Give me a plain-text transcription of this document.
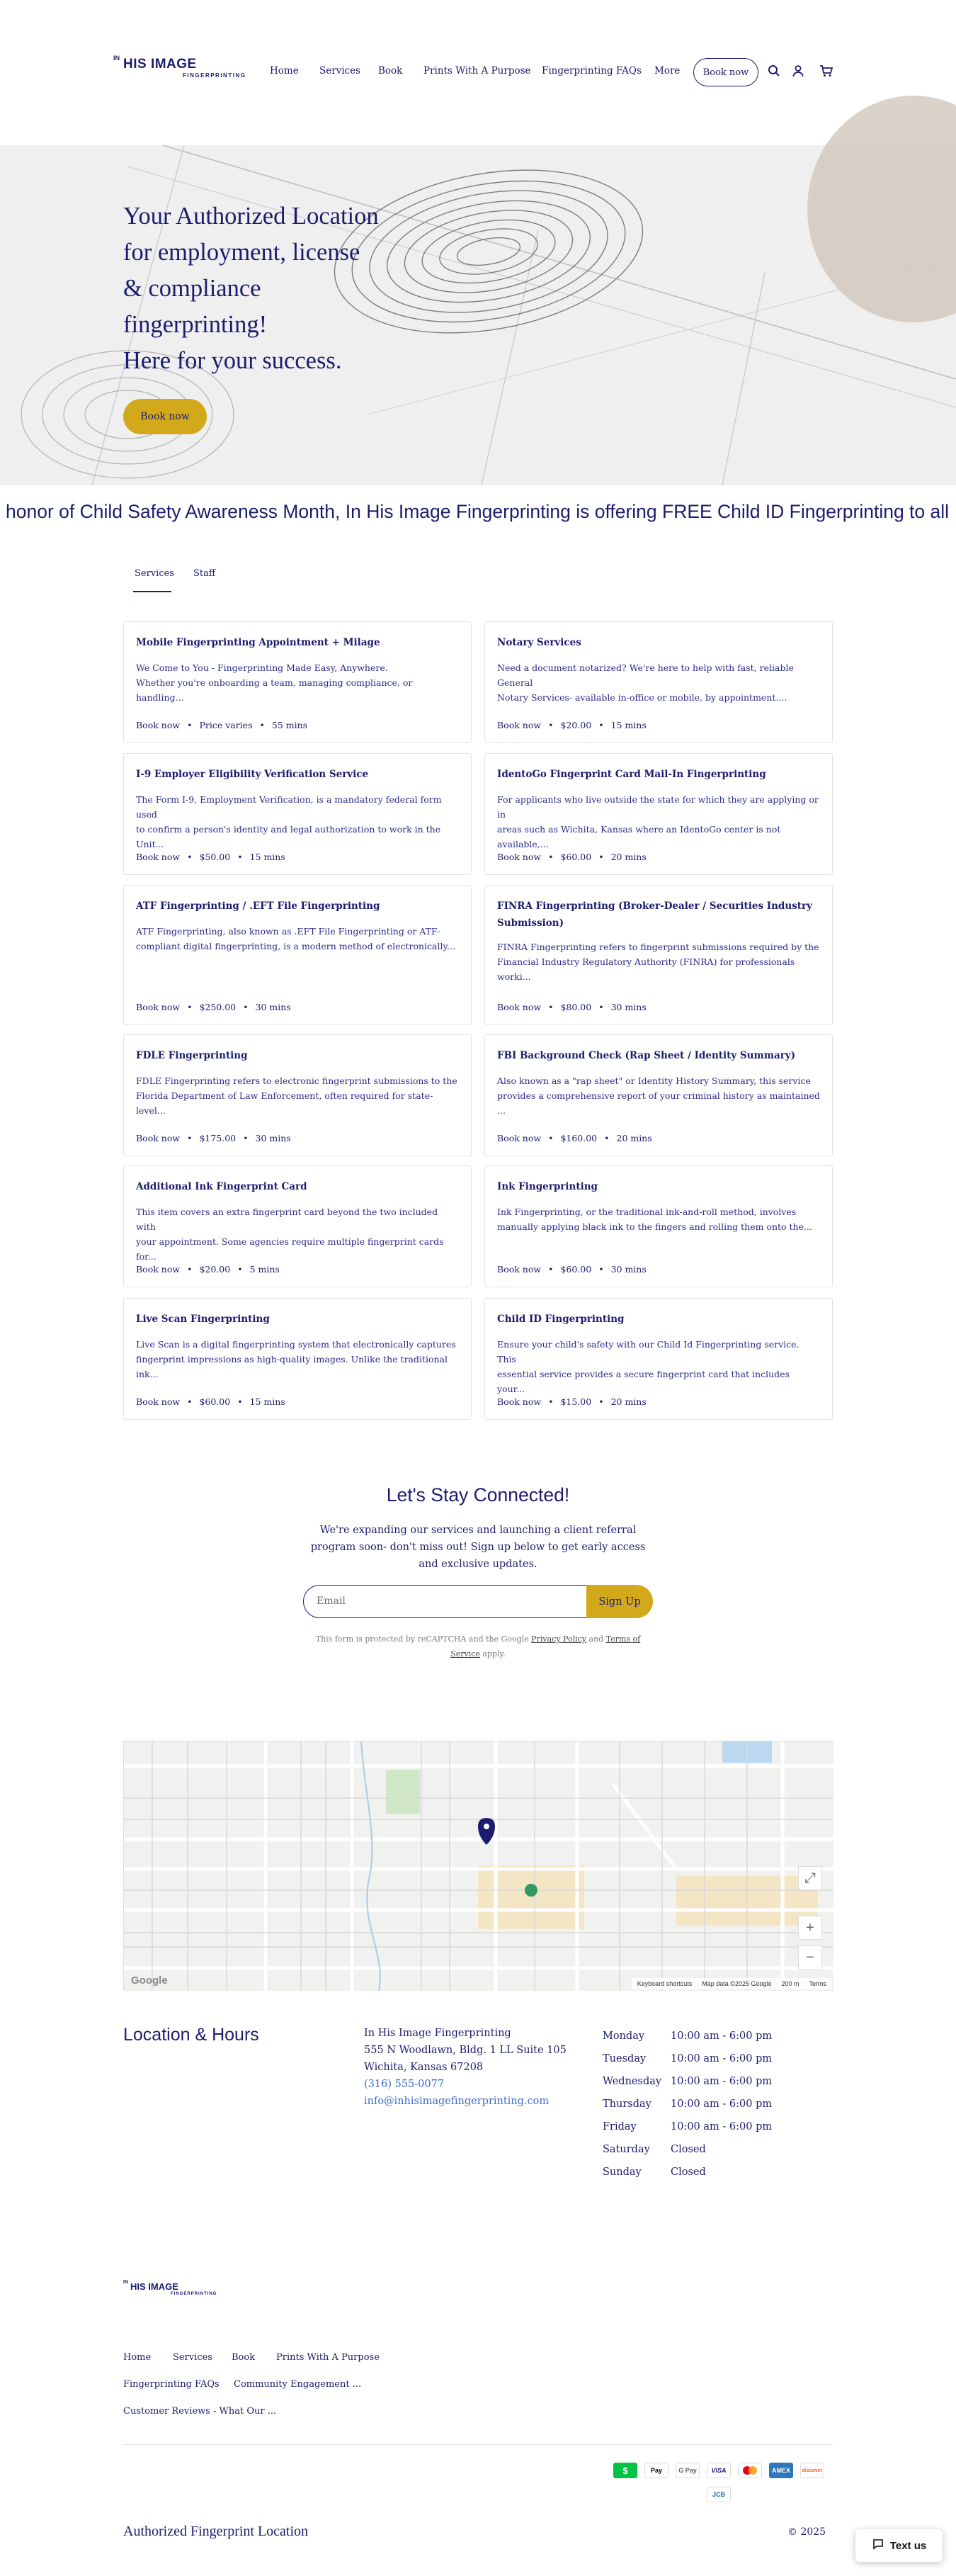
IN HIS IMAGE
FINGERPRINTING Home Services Book Prints With A Purpose Fingerprinting FAQs More	Book now
Your Authorized Location
for employment, license
& compliance
fingerprinting!
Here for your success.
Book now
honor of Child Safety Awareness Month, In His Image Fingerprinting is offering FREE Child ID Fingerprinting to all
Services Staff
Mobile Fingerprinting Appointment + Milage
We Come to You - Fingerprinting Made Easy, Anywhere.
Whether you're onboarding a team, managing compliance, or handling...
Book now • Price varies • 55 mins
Notary Services
Need a document notarized? We're here to help with fast, reliable General
Notary Services- available in-office or mobile, by appointment....
Book now • $20.00 • 15 mins
I-9 Employer Eligibility Verification Service
The Form I-9, Employment Verification, is a mandatory federal form used
to confirm a person's identity and legal authorization to work in the Unit...
Book now • $50.00 • 15 mins
IdentoGo Fingerprint Card Mail-In Fingerprinting
For applicants who live outside the state for which they are applying or in
areas such as Wichita, Kansas where an IdentoGo center is not available,...
Book now • $60.00 • 20 mins
ATF Fingerprinting / .EFT File Fingerprinting
ATF Fingerprinting, also known as .EFT File Fingerprinting or ATF-
compliant digital fingerprinting, is a modern method of electronically...
Book now • $250.00 • 30 mins
FINRA Fingerprinting (Broker-Dealer / Securities Industry
Submission)
FINRA Fingerprinting refers to fingerprint submissions required by the
Financial Industry Regulatory Authority (FINRA) for professionals worki...
Book now • $80.00 • 30 mins
FDLE Fingerprinting
FDLE Fingerprinting refers to electronic fingerprint submissions to the
Florida Department of Law Enforcement, often required for state-level...
Book now • $175.00 • 30 mins
FBI Background Check (Rap Sheet / Identity Summary)
Also known as a "rap sheet" or Identity History Summary, this service
provides a comprehensive report of your criminal history as maintained ...
Book now • $160.00 • 20 mins
Additional Ink Fingerprint Card
This item covers an extra fingerprint card beyond the two included with
your appointment. Some agencies require multiple fingerprint cards for...
Book now • $20.00 • 5 mins
Ink Fingerprinting
Ink Fingerprinting, or the traditional ink-and-roll method, involves
manually applying black ink to the fingers and rolling them onto the...
Book now • $60.00 • 30 mins
Live Scan Fingerprinting
Live Scan is a digital fingerprinting system that electronically captures
fingerprint impressions as high-quality images. Unlike the traditional ink...
Book now • $60.00 • 15 mins
Child ID Fingerprinting
Ensure your child's safety with our Child Id Fingerprinting service. This
essential service provides a secure fingerprint card that includes your...
Book now • $15.00 • 20 mins
Let's Stay Connected!
We're expanding our services and launching a client referral program soon- don't miss out! Sign up below to get early access and exclusive updates.
Email	Sign Up
This form is protected by reCAPTCHA and the Google Privacy Policy and Terms of Service apply.
⤢
+
−
Google	Keyboard shortcuts Map data ©2025 Google 200 m Terms
Location & Hours	In His Image Fingerprinting
555 N Woodlawn, Bldg. 1 LL Suite 105
Wichita, Kansas 67208
(316) 555-0077
info@inhisimagefingerprinting.com
Monday	10:00 am - 6:00 pm
Tuesday	10:00 am - 6:00 pm
Wednesday 10:00 am - 6:00 pm
Thursday	10:00 am - 6:00 pm
Friday	10:00 am - 6:00 pm
Saturday	Closed
Sunday	Closed
IN HIS IMAGE
FINGERPRINTING
Home Services Book Prints With A Purpose
Fingerprinting FAQs Community Engagement ...
Customer Reviews - What Our ...
$	Pay	G Pay	VISA	AMEX	discover
JCB
Authorized Fingerprint Location	© 2025
Text us
